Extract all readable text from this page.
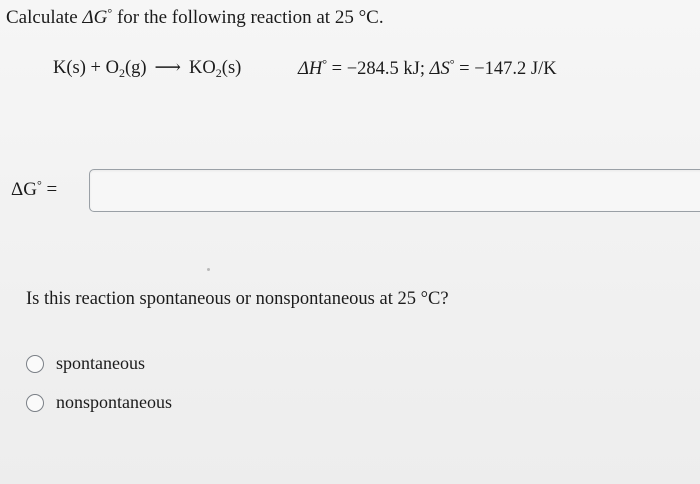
Calculate ΔG° for the following reaction at 25 °C.
$K(s) + O_2(g)$ ⟶ $KO_2(s)$	ΔH° = −284.5 kJ; ΔS° = −147.2 J/K
ΔG° =
Is this reaction spontaneous or nonspontaneous at 25 °C?
spontaneous
nonspontaneous
